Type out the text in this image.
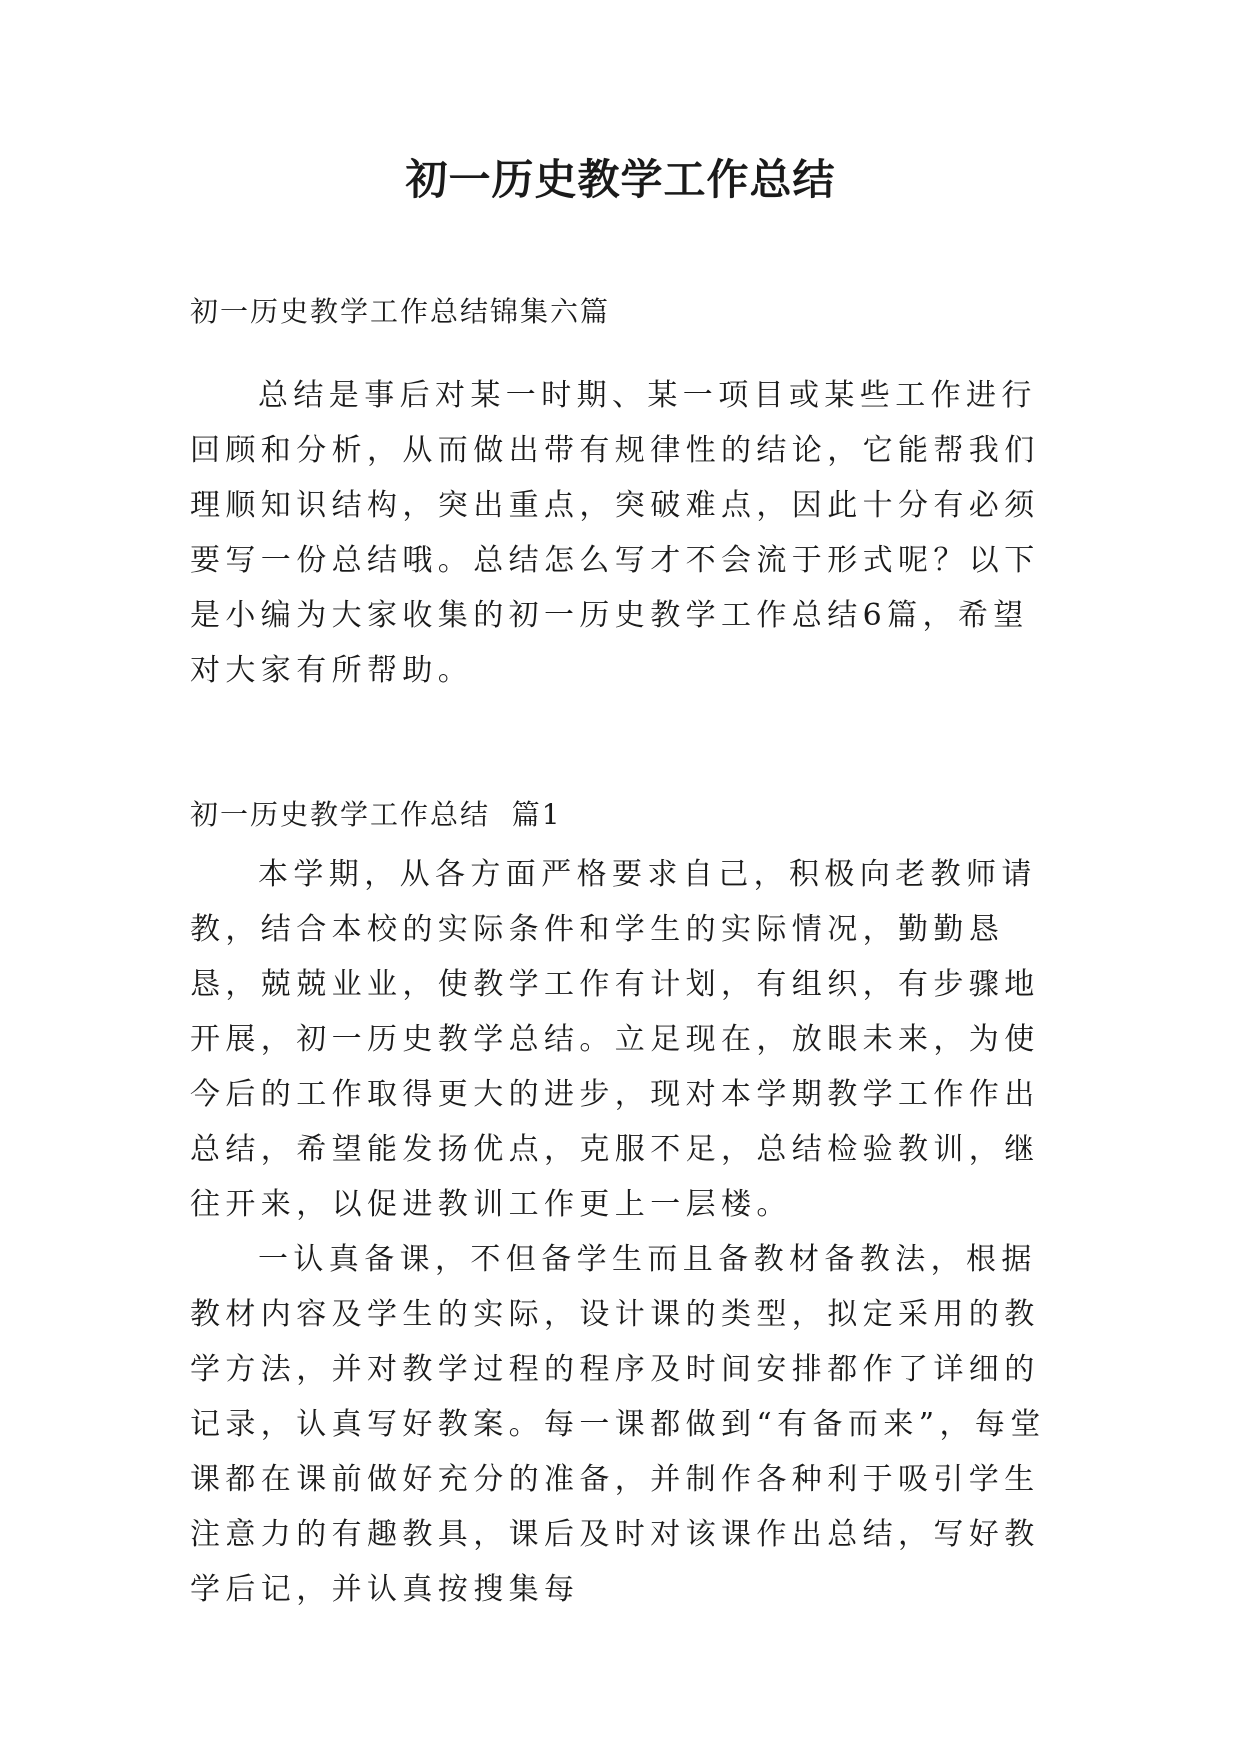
初一历史教学工作总结

初一历史教学工作总结锦集六篇

总结是事后对某一时期、某一项目或某些工作进行回顾和分析，从而做出带有规律性的结论，它能帮我们理顺知识结构，突出重点，突破难点，因此十分有必须要写一份总结哦。总结怎么写才不会流于形式呢？以下是小编为大家收集的初一历史教学工作总结6篇，希望对大家有所帮助。

初一历史教学工作总结  篇1

本学期，从各方面严格要求自己，积极向老教师请教，结合本校的实际条件和学生的实际情况，勤勤恳恳，兢兢业业，使教学工作有计划，有组织，有步骤地开展，初一历史教学总结。立足现在，放眼未来，为使今后的工作取得更大的进步，现对本学期教学工作作出总结，希望能发扬优点，克服不足，总结检验教训，继往开来，以促进教训工作更上一层楼。

一认真备课，不但备学生而且备教材备教法，根据教材内容及学生的实际，设计课的类型，拟定采用的教学方法，并对教学过程的程序及时间安排都作了详细的记录，认真写好教案。每一课都做到“有备而来”，每堂课都在课前做好充分的准备，并制作各种利于吸引学生注意力的有趣教具，课后及时对该课作出总结，写好教学后记，并认真按搜集每
